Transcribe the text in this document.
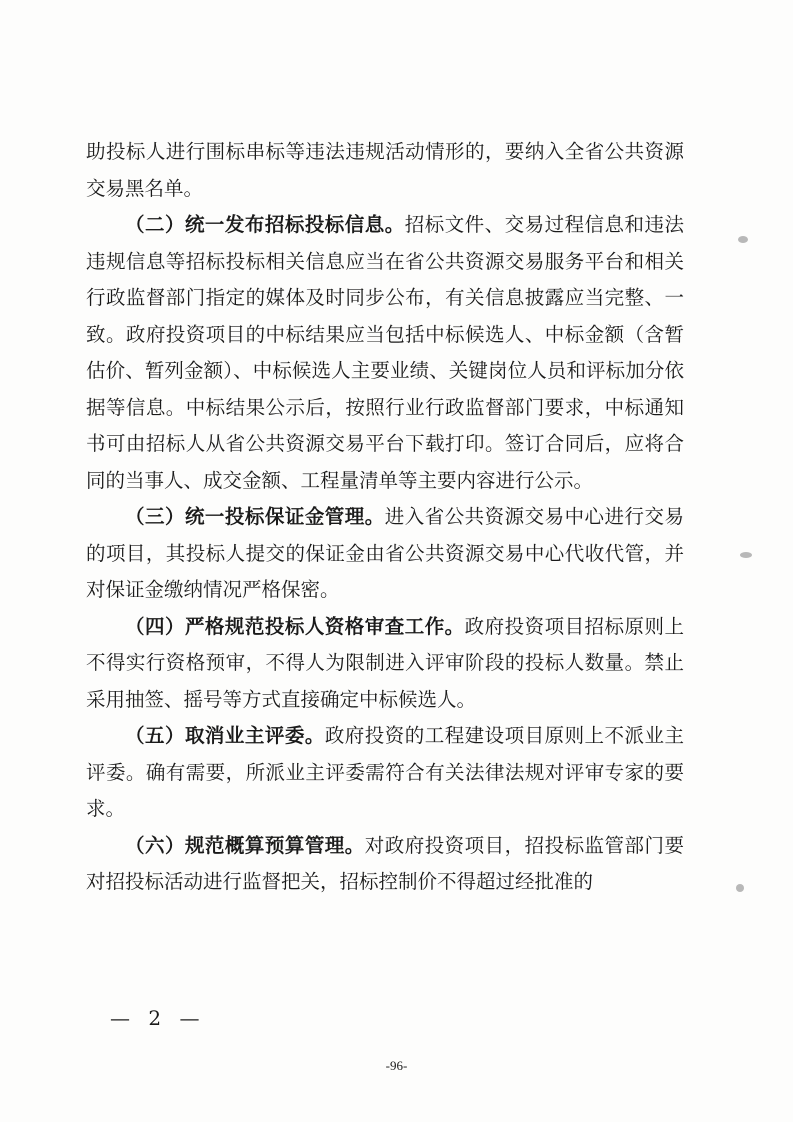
助投标人进行围标串标等违法违规活动情形的，要纳入全省公共资源交易黑名单。

（二）统一发布招标投标信息。招标文件、交易过程信息和违法违规信息等招标投标相关信息应当在省公共资源交易服务平台和相关行政监督部门指定的媒体及时同步公布，有关信息披露应当完整、一致。政府投资项目的中标结果应当包括中标候选人、中标金额（含暂估价、暂列金额）、中标候选人主要业绩、关键岗位人员和评标加分依据等信息。中标结果公示后，按照行业行政监督部门要求，中标通知书可由招标人从省公共资源交易平台下载打印。签订合同后，应将合同的当事人、成交金额、工程量清单等主要内容进行公示。

（三）统一投标保证金管理。进入省公共资源交易中心进行交易的项目，其投标人提交的保证金由省公共资源交易中心代收代管，并对保证金缴纳情况严格保密。

（四）严格规范投标人资格审查工作。政府投资项目招标原则上不得实行资格预审，不得人为限制进入评审阶段的投标人数量。禁止采用抽签、摇号等方式直接确定中标候选人。

（五）取消业主评委。政府投资的工程建设项目原则上不派业主评委。确有需要，所派业主评委需符合有关法律法规对评审专家的要求。

（六）规范概算预算管理。对政府投资项目，招投标监管部门要对招投标活动进行监督把关，招标控制价不得超过经批准的

— 2 —
-96-
